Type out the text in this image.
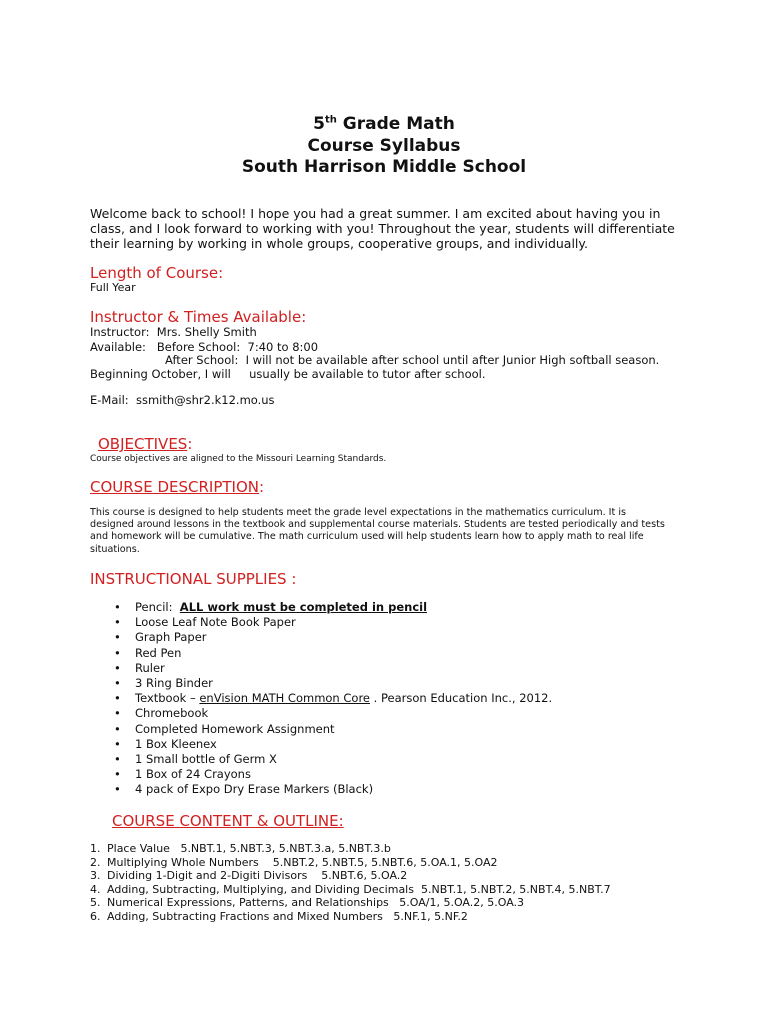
5th Grade Math
Course Syllabus
South Harrison Middle School
Welcome back to school! I hope you had a great summer. I am excited about having you in class, and I look forward to working with you! Throughout the year, students will differentiate their learning by working in whole groups, cooperative groups, and individually.
Length of Course:
Full Year
Instructor & Times Available:
Instructor:  Mrs. Shelly Smith
Available:   Before School:  7:40 to 8:00
After School:  I will not be available after school until after Junior High softball season.
Beginning October, I will     usually be available to tutor after school.
E-Mail:  ssmith@shr2.k12.mo.us
OBJECTIVES:
Course objectives are aligned to the Missouri Learning Standards.
COURSE DESCRIPTION:
This course is designed to help students meet the grade level expectations in the mathematics curriculum. It is designed around lessons in the textbook and supplemental course materials. Students are tested periodically and tests and homework will be cumulative. The math curriculum used will help students learn how to apply math to real life situations.
INSTRUCTIONAL SUPPLIES :
• Pencil:  ALL work must be completed in pencil
• Loose Leaf Note Book Paper
• Graph Paper
• Red Pen
• Ruler
• 3 Ring Binder
• Textbook – enVision MATH Common Core . Pearson Education Inc., 2012.
• Chromebook
• Completed Homework Assignment
• 1 Box Kleenex
• 1 Small bottle of Germ X
• 1 Box of 24 Crayons
• 4 pack of Expo Dry Erase Markers (Black)
COURSE CONTENT & OUTLINE:
1. Place Value   5.NBT.1, 5.NBT.3, 5.NBT.3.a, 5.NBT.3.b
2. Multiplying Whole Numbers    5.NBT.2, 5.NBT.5, 5.NBT.6, 5.OA.1, 5.OA2
3. Dividing 1-Digit and 2-Digiti Divisors    5.NBT.6, 5.OA.2
4. Adding, Subtracting, Multiplying, and Dividing Decimals  5.NBT.1, 5.NBT.2, 5.NBT.4, 5.NBT.7
5. Numerical Expressions, Patterns, and Relationships   5.OA/1, 5.OA.2, 5.OA.3
6. Adding, Subtracting Fractions and Mixed Numbers   5.NF.1, 5.NF.2
